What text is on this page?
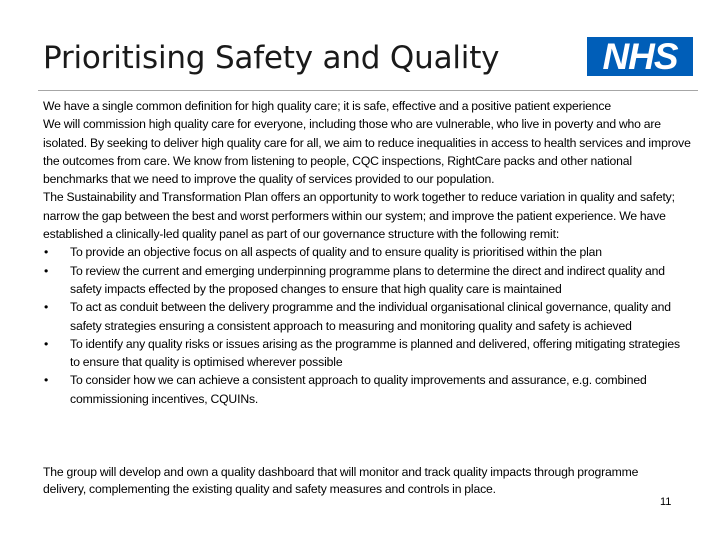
Prioritising Safety and Quality	NHS

We have a single common definition for high quality care; it is safe, effective and a positive patient experience

We will commission high quality care for everyone, including those who are vulnerable, who live in poverty and who are isolated. By seeking to deliver high quality care for all, we aim to reduce inequalities in access to health services and improve the outcomes from care. We know from listening to people, CQC inspections, RightCare packs and other national benchmarks that we need to improve the quality of services provided to our population.

The Sustainability and Transformation Plan offers an opportunity to work together to reduce variation in quality and safety; narrow the gap between the best and worst performers within our system; and improve the patient experience. We have established a clinically-led quality panel as part of our governance structure with the following remit:

• To provide an objective focus on all aspects of quality and to ensure quality is prioritised within the plan
• To review the current and emerging underpinning programme plans to determine the direct and indirect quality and safety impacts effected by the proposed changes to ensure that high quality care is maintained
• To act as conduit between the delivery programme and the individual organisational clinical governance, quality and safety strategies ensuring a consistent approach to measuring and monitoring quality and safety is achieved
• To identify any quality risks or issues arising as the programme is planned and delivered, offering mitigating strategies to ensure that quality is optimised wherever possible
• To consider how we can achieve a consistent approach to quality improvements and assurance, e.g. combined commissioning incentives, CQUINs.

The group will develop and own a quality dashboard that will monitor and track quality impacts through programme delivery, complementing the existing quality and safety measures and controls in place.

11
